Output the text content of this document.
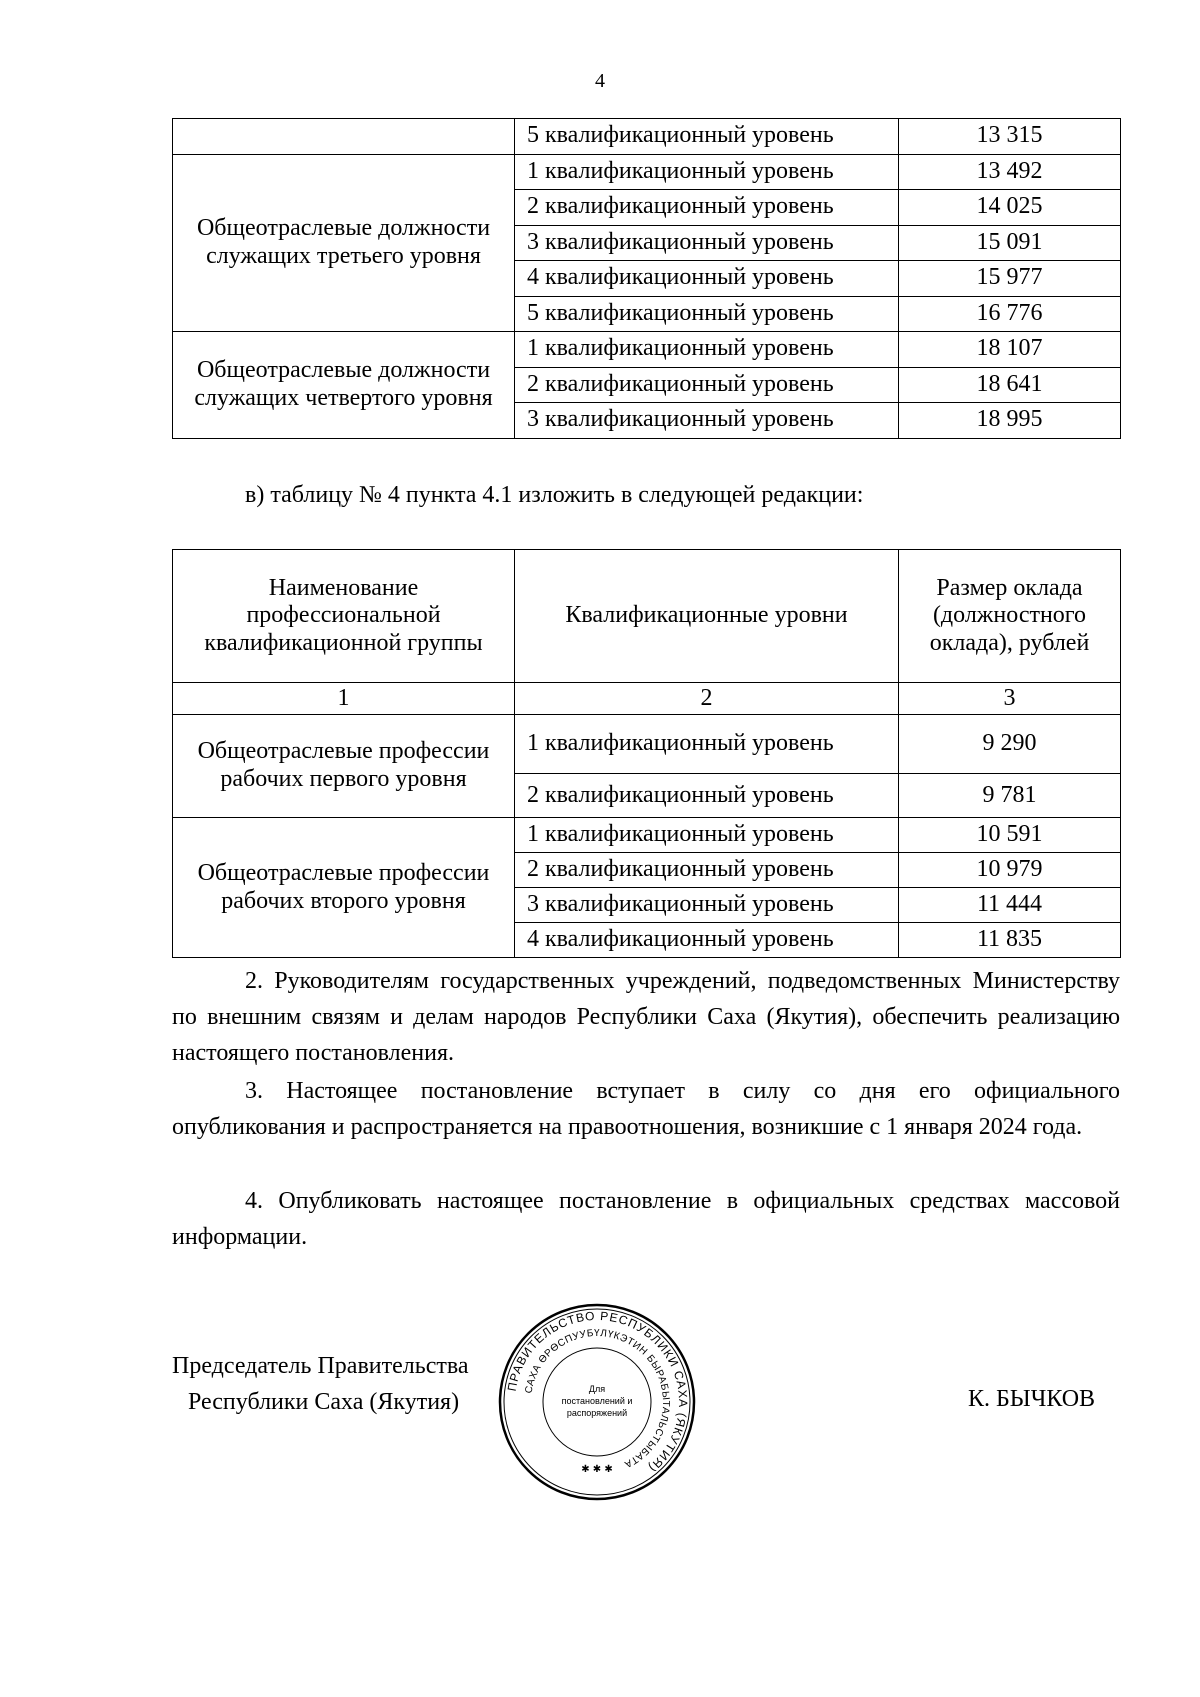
4
	5 квалификационный уровень	13 315
Общеотраслевые должности служащих третьего уровня	1 квалификационный уровень	13 492
	2 квалификационный уровень	14 025
	3 квалификационный уровень	15 091
	4 квалификационный уровень	15 977
	5 квалификационный уровень	16 776
Общеотраслевые должности служащих четвертого уровня	1 квалификационный уровень	18 107
	2 квалификационный уровень	18 641
	3 квалификационный уровень	18 995
в) таблицу № 4 пункта 4.1 изложить в следующей редакции:
Наименование профессиональной квалификационной группы	Квалификационные уровни	Размер оклада (должностного оклада), рублей
1	2	3
Общеотраслевые профессии рабочих первого уровня	1 квалификационный уровень	9 290
	2 квалификационный уровень	9 781
Общеотраслевые профессии рабочих второго уровня	1 квалификационный уровень	10 591
	2 квалификационный уровень	10 979
	3 квалификационный уровень	11 444
	4 квалификационный уровень	11 835
2. Руководителям государственных учреждений, подведомственных Министерству по внешним связям и делам народов Республики Саха (Якутия), обеспечить реализацию настоящего постановления.
3. Настоящее постановление вступает в силу со дня его официального опубликования и распространяется на правоотношения, возникшие с 1 января 2024 года.
4. Опубликовать настоящее постановление в официальных средствах массовой информации.
Председатель Правительства
Республики Саха (Якутия)	К. БЫЧКОВ
ПРАВИТЕЛЬСТВО РЕСПУБЛИКИ САХА (ЯКУТИЯ)
САХА ӨРӨСПУУБҮЛҮКЭТИН БЫРАБЫТАЛЬСТЫБАТА
Для
постановлений и
распоряжений
✱ ✱ ✱
